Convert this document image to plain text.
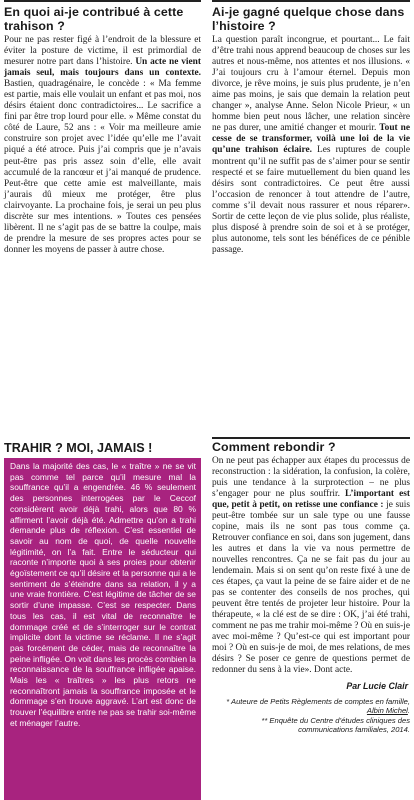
En quoi ai-je contribué à cette trahison ?

Pour ne pas rester figé à l’endroit de la blessure et éviter la posture de victime, il est primordial de mesurer notre part dans l’histoire. Un acte ne vient jamais seul, mais toujours dans un contexte. Bastien, quadragénaire, le concède : « Ma femme est partie, mais elle voulait un enfant et pas moi, nos désirs étaient donc contradictoires... Le sacrifice a fini par être trop lourd pour elle. » Même constat du côté de Laure, 52 ans : « Voir ma meilleure amie construire son projet avec l’idée qu’elle me l’avait piqué a été atroce. Puis j’ai compris que je n’avais peut-être pas pris assez soin d’elle, elle avait accumulé de la rancœur et j’ai manqué de prudence. Peut-être que cette amie est malveillante, mais j’aurais dû mieux me protéger, être plus clairvoyante. La prochaine fois, je serai un peu plus discrète sur mes intentions. » Toutes ces pensées libèrent. Il ne s’agit pas de se battre la coulpe, mais de prendre la mesure de ses propres actes pour se donner les moyens de passer à autre chose.

TRAHIR ? MOI, JAMAIS !
Dans la majorité des cas, le « traître » ne se vit pas comme tel parce qu’il mesure mal la souffrance qu’il a engendrée. 46 % seulement des personnes interrogées par le Ceccof considèrent avoir déjà trahi, alors que 80 % affirment l’avoir déjà été. Admettre qu’on a trahi demande plus de réflexion. C’est essentiel de savoir au nom de quoi, de quelle nouvelle légitimité, on l’a fait. Entre le séducteur qui raconte n’importe quoi à ses proies pour obtenir égoïstement ce qu’il désire et la personne qui a le sentiment de s’éteindre dans sa relation, il y a une vraie frontière. C’est légitime de tâcher de se sortir d’une impasse. C’est se respecter. Dans tous les cas, il est vital de reconnaître le dommage créé et de s’interroger sur le contrat implicite dont la victime se réclame. Il ne s’agit pas forcément de céder, mais de reconnaître la peine infligée. On voit dans les procès combien la reconnaissance de la souffrance infligée apaise. Mais les « traîtres » les plus retors ne reconnaîtront jamais la souffrance imposée et le dommage s’en trouve aggravé. L’art est donc de trouver l’équilibre entre ne pas se trahir soi-même et ménager l’autre.
Ai-je gagné quelque chose dans l’histoire ?

La question paraît incongrue, et pourtant... Le fait d’être trahi nous apprend beaucoup de choses sur les autres et nous-même, nos attentes et nos illusions. « J’ai toujours cru à l’amour éternel. Depuis mon divorce, je rêve moins, je suis plus prudente, je n’en aime pas moins, je sais que demain la relation peut changer », analyse Anne. Selon Nicole Prieur, « un homme bien peut nous lâcher, une relation sincère ne pas durer, une amitié changer et mourir. Tout ne cesse de se transformer, voilà une loi de la vie qu’une trahison éclaire. Les ruptures de couple montrent qu’il ne suffit pas de s’aimer pour se sentir respecté et se faire mutuellement du bien quand les désirs sont contradictoires. Ce peut être aussi l’occasion de renoncer à tout attendre de l’autre, comme s’il devait nous rassurer et nous réparer». Sortir de cette leçon de vie plus solide, plus réaliste, plus disposé à prendre soin de soi et à se protéger, plus autonome, tels sont les bénéfices de ce pénible passage.

Comment rebondir ?

On ne peut pas échapper aux étapes du processus de reconstruction : la sidération, la confusion, la colère, puis une tendance à la surprotection – ne plus s’engager pour ne plus souffrir. L’important est que, petit à petit, on retisse une confiance : je suis peut-être tombée sur un sale type ou une fausse copine, mais ils ne sont pas tous comme ça. Retrouver confiance en soi, dans son jugement, dans les autres et dans la vie va nous permettre de nouvelles rencontres. Ça ne se fait pas du jour au lendemain. Mais si on sent qu’on reste fixé à une de ces étapes, ça vaut la peine de se faire aider et de ne pas se contenter des conseils de nos proches, qui peuvent être tentés de projeter leur histoire. Pour la thérapeute, « la clé est de se dire : OK, j’ai été trahi, comment ne pas me trahir moi-même ? Où en suis-je avec moi-même ? Qu’est-ce qui est important pour moi ? Où en suis-je de moi, de mes relations, de mes désirs ? Se poser ce genre de questions permet de redonner du sens à la vie». Dont acte.

Par Lucie Clair
* Auteure de Petits Règlements de comptes en famille, Albin Michel.
** Enquête du Centre d’études cliniques des communications familiales, 2014.
